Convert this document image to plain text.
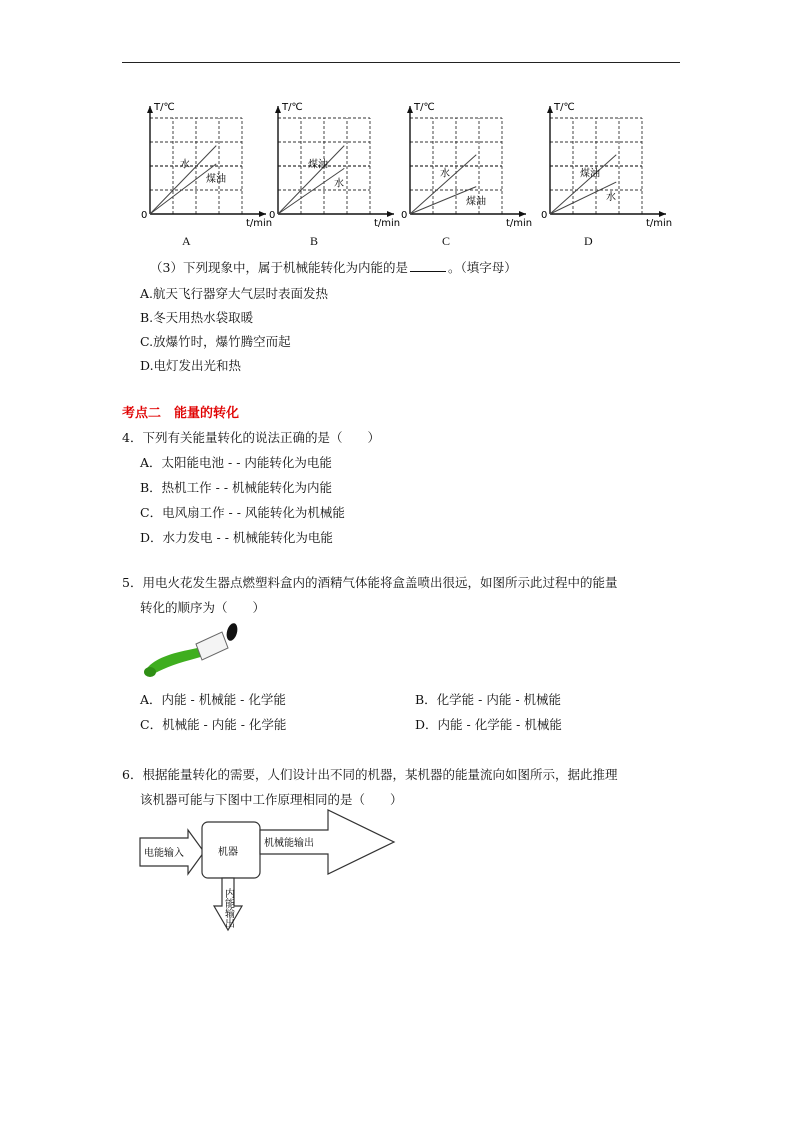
T/℃
t/min
0
水
煤油
A
T/℃
t/min
0
煤油
水
B
T/℃
t/min
0
水
煤油
C
T/℃
t/min
0
煤油
水
D
（3）下列现象中，属于机械能转化为内能的是	。（填字母）
A.航天飞行器穿大气层时表面发热
B.冬天用热水袋取暖
C.放爆竹时，爆竹腾空而起
D.电灯发出光和热
考点二　能量的转化
4．下列有关能量转化的说法正确的是（　　）
A．太阳能电池 - - 内能转化为电能
B．热机工作 - - 机械能转化为内能
C．电风扇工作 - - 风能转化为机械能
D．水力发电 - - 机械能转化为电能
5．用电火花发生器点燃塑料盒内的酒精气体能将盒盖喷出很远，如图所示此过程中的能量
转化的顺序为（　　）
A．内能 - 机械能 - 化学能	B．化学能 - 内能 - 机械能
C．机械能 - 内能 - 化学能	D．内能 - 化学能 - 机械能
6．根据能量转化的需要，人们设计出不同的机器，某机器的能量流向如图所示，据此推理
该机器可能与下图中工作原理相同的是（　　）
电能输入	机器
机械能输出
内能输出
